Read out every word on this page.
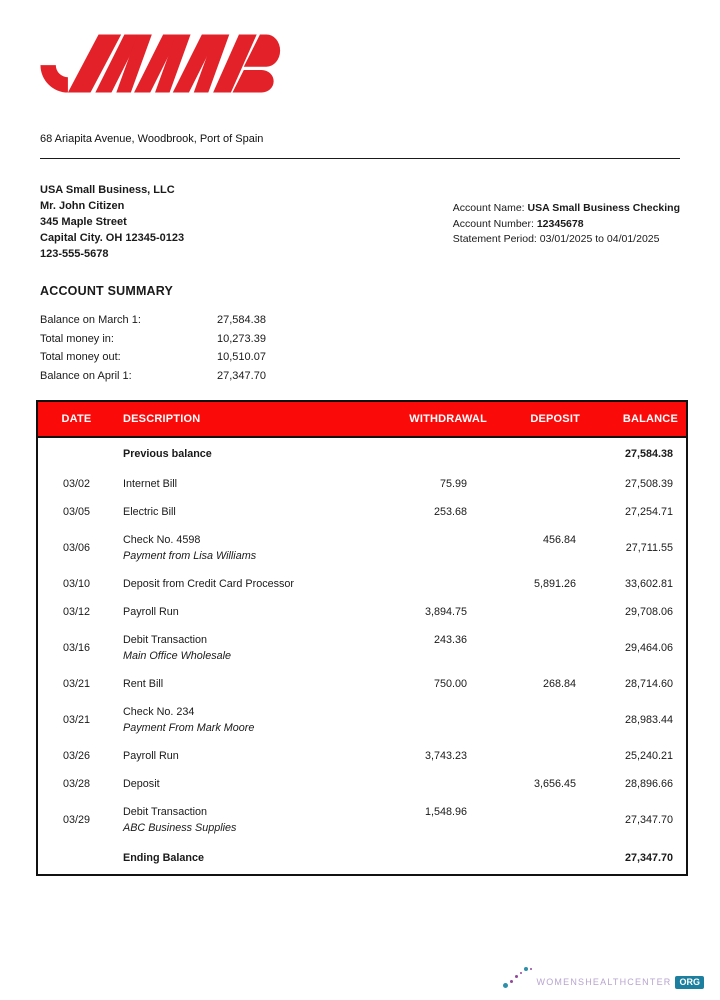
68 Ariapita Avenue, Woodbrook, Port of Spain
USA Small Business, LLC
Mr. John Citizen
345 Maple Street
Capital City. OH 12345-0123
123-555-5678
Account Name: USA Small Business Checking
Account Number: 12345678
Statement Period: 03/01/2025 to 04/01/2025
ACCOUNT SUMMARY
Balance on March 1:	27,584.38
Total money in:	10,273.39
Total money out:	10,510.07
Balance on April 1:	27,347.70
DATE	DESCRIPTION	WITHDRAWAL	DEPOSIT	BALANCE

	Previous balance			27,584.38
03/02	Internet Bill	75.99		27,508.39
03/05	Electric Bill	253.68		27,254.71
03/06	Check No. 4598
Payment from Lisa Williams		456.84	27,711.55
03/10	Deposit from Credit Card Processor		5,891.26	33,602.81
03/12	Payroll Run	3,894.75		29,708.06
03/16	Debit Transaction
Main Office Wholesale	243.36		29,464.06
03/21	Rent Bill	750.00	268.84	28,714.60
03/21	Check No. 234
Payment From Mark Moore			28,983.44
03/26	Payroll Run	3,743.23		25,240.21
03/28	Deposit		3,656.45	28,896.66
03/29	Debit Transaction
ABC Business Supplies	1,548.96		27,347.70

	Ending Balance			27,347.70
WOMENSHEALTHCENTER ORG
